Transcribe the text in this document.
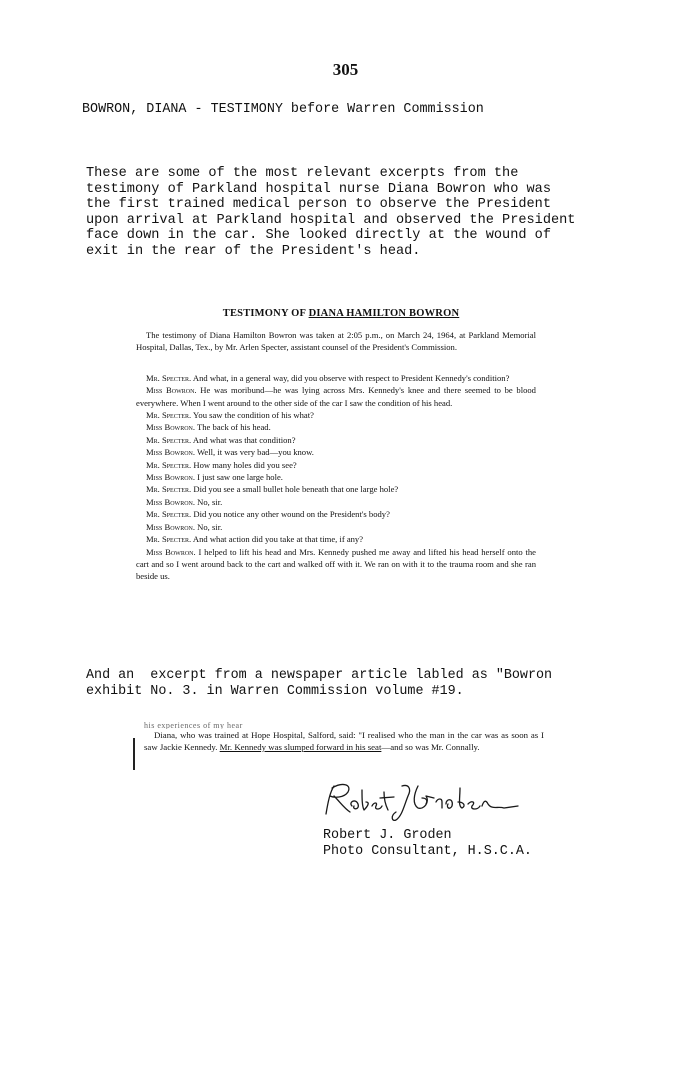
305
BOWRON, DIANA - TESTIMONY before Warren Commission
These are some of the most relevant excerpts from the
testimony of Parkland hospital nurse Diana Bowron who was
the first trained medical person to observe the President
upon arrival at Parkland hospital and observed the President
face down in the car. She looked directly at the wound of
exit in the rear of the President's head.
TESTIMONY OF DIANA HAMILTON BOWRON
The testimony of Diana Hamilton Bowron was taken at 2:05 p.m., on March 24, 1964, at Parkland Memorial Hospital, Dallas, Tex., by Mr. Arlen Specter, assistant counsel of the President's Commission.
Mr. Specter. And what, in a general way, did you observe with respect to President Kennedy's condition?
Miss Bowron. He was moribund—he was lying across Mrs. Kennedy's knee and there seemed to be blood everywhere. When I went around to the other side of the car I saw the condition of his head.
Mr. Specter. You saw the condition of his what?
Miss Bowron. The back of his head.
Mr. Specter. And what was that condition?
Miss Bowron. Well, it was very bad—you know.
Mr. Specter. How many holes did you see?
Miss Bowron. I just saw one large hole.
Mr. Specter. Did you see a small bullet hole beneath that one large hole?
Miss Bowron. No, sir.
Mr. Specter. Did you notice any other wound on the President's body?
Miss Bowron. No, sir.
Mr. Specter. And what action did you take at that time, if any?
Miss Bowron. I helped to lift his head and Mrs. Kennedy pushed me away and lifted his head herself onto the cart and so I went around back to the cart and walked off with it. We ran on with it to the trauma room and she ran beside us.
And an  excerpt from a newspaper article labled as "Bowron
exhibit No. 3. in Warren Commission volume #19.
his experiences of my hear
Diana, who was trained at Hope Hospital, Salford, said: "I realised who the man in the car was as soon as I saw Jackie Kennedy. Mr. Kennedy was slumped forward in his seat—and so was Mr. Connally.
Robert J. Groden
Photo Consultant, H.S.C.A.
